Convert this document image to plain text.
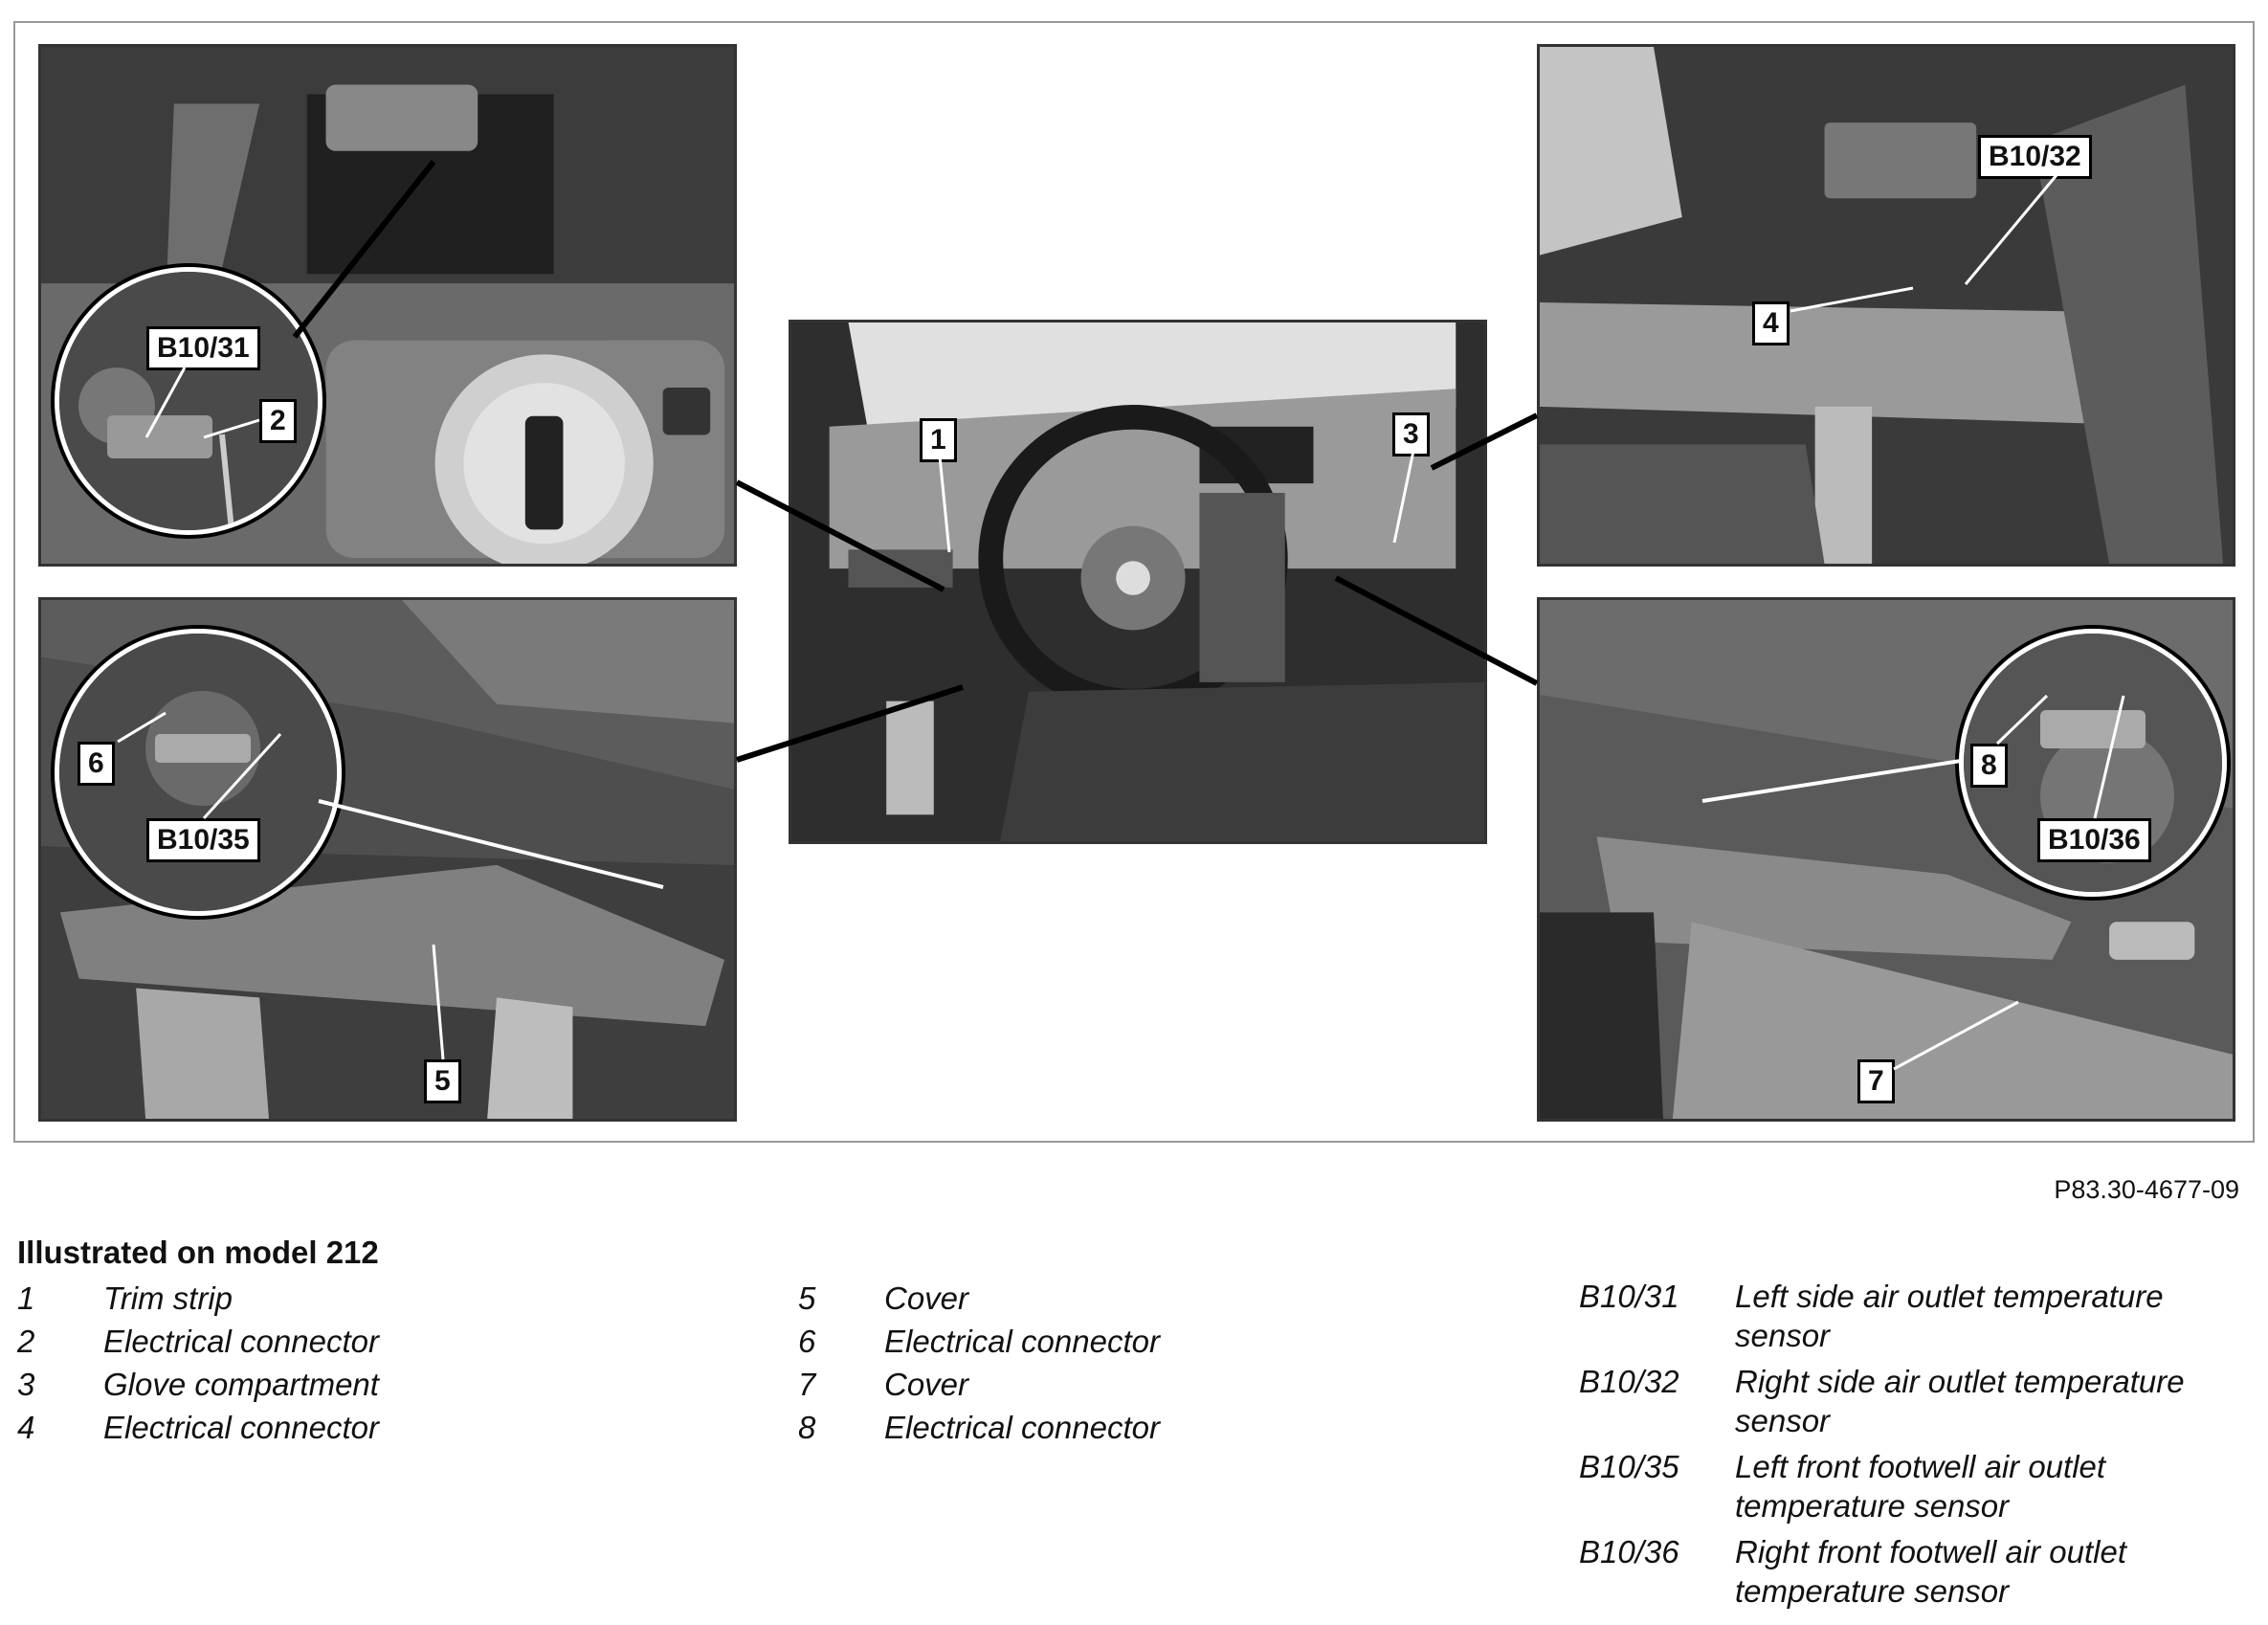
B10/31
2
6
B10/35
5
1	3
B10/32
4
8
B10/36
7
P83.30-4677-09
Illustrated on model 212
1	Trim strip
2	Electrical connector
3	Glove compartment
4	Electrical connector
5	Cover
6	Electrical connector
7	Cover
8	Electrical connector
B10/31	Left side air outlet temperature sensor
B10/32	Right side air outlet temperature sensor
B10/35	Left front footwell air outlet temperature sensor
B10/36	Right front footwell air outlet temperature sensor
